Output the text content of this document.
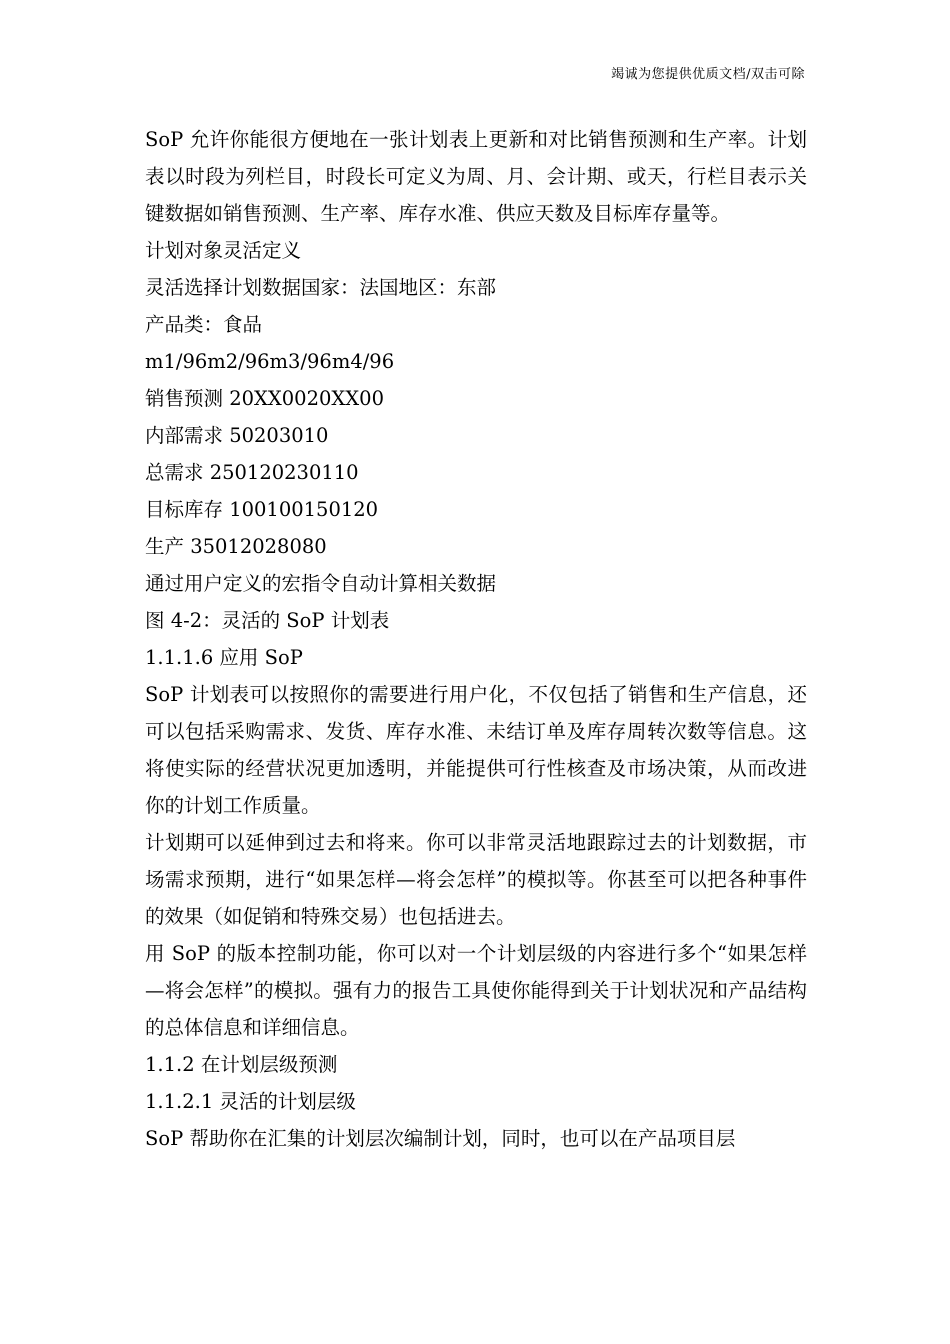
竭诚为您提供优质文档/双击可除

SoP 允许你能很方便地在一张计划表上更新和对比销售预测和生产率。计划表以时段为列栏目，时段长可定义为周、月、会计期、或天，行栏目表示关键数据如销售预测、生产率、库存水准、供应天数及目标库存量等。

计划对象灵活定义

灵活选择计划数据国家：法国地区：东部

产品类：食品

m1/96m2/96m3/96m4/96

销售预测 20XX0020XX00

内部需求 50203010

总需求 250120230110

目标库存 100100150120

生产 35012028080

通过用户定义的宏指令自动计算相关数据

图 4-2：灵活的 SoP 计划表

1.1.1.6 应用 SoP

SoP 计划表可以按照你的需要进行用户化，不仅包括了销售和生产信息，还可以包括采购需求、发货、库存水准、未结订单及库存周转次数等信息。这将使实际的经营状况更加透明，并能提供可行性核查及市场决策，从而改进你的计划工作质量。

计划期可以延伸到过去和将来。你可以非常灵活地跟踪过去的计划数据，市场需求预期，进行“如果怎样—将会怎样”的模拟等。你甚至可以把各种事件的效果（如促销和特殊交易）也包括进去。

用 SoP 的版本控制功能，你可以对一个计划层级的内容进行多个“如果怎样—将会怎样”的模拟。强有力的报告工具使你能得到关于计划状况和产品结构的总体信息和详细信息。

1.1.2 在计划层级预测

1.1.2.1 灵活的计划层级

SoP 帮助你在汇集的计划层次编制计划，同时，也可以在产品项目层
